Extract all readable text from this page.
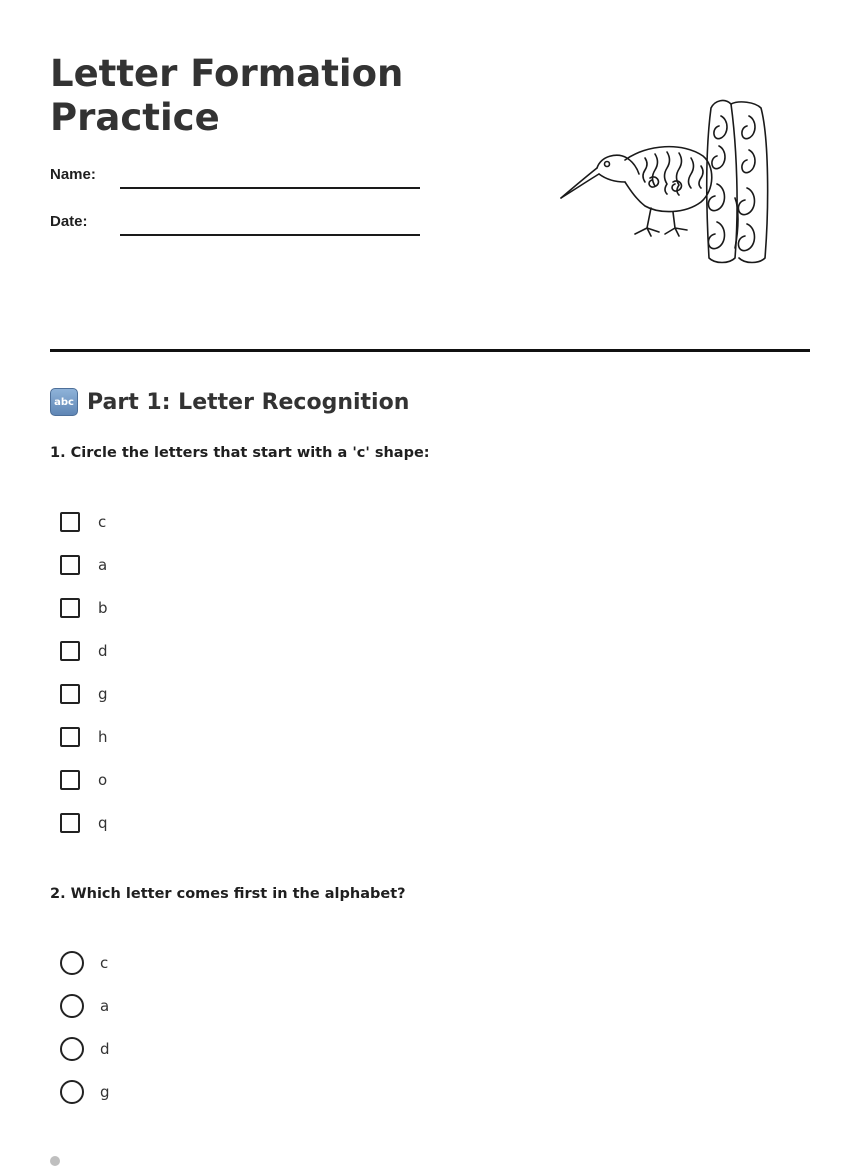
Letter Formation
Practice
Name:
Date:
abc Part 1: Letter Recognition

1. Circle the letters that start with a 'c' shape:

c
a
b
d
g
h
o
q

2. Which letter comes first in the alphabet?

c
a
d
g
